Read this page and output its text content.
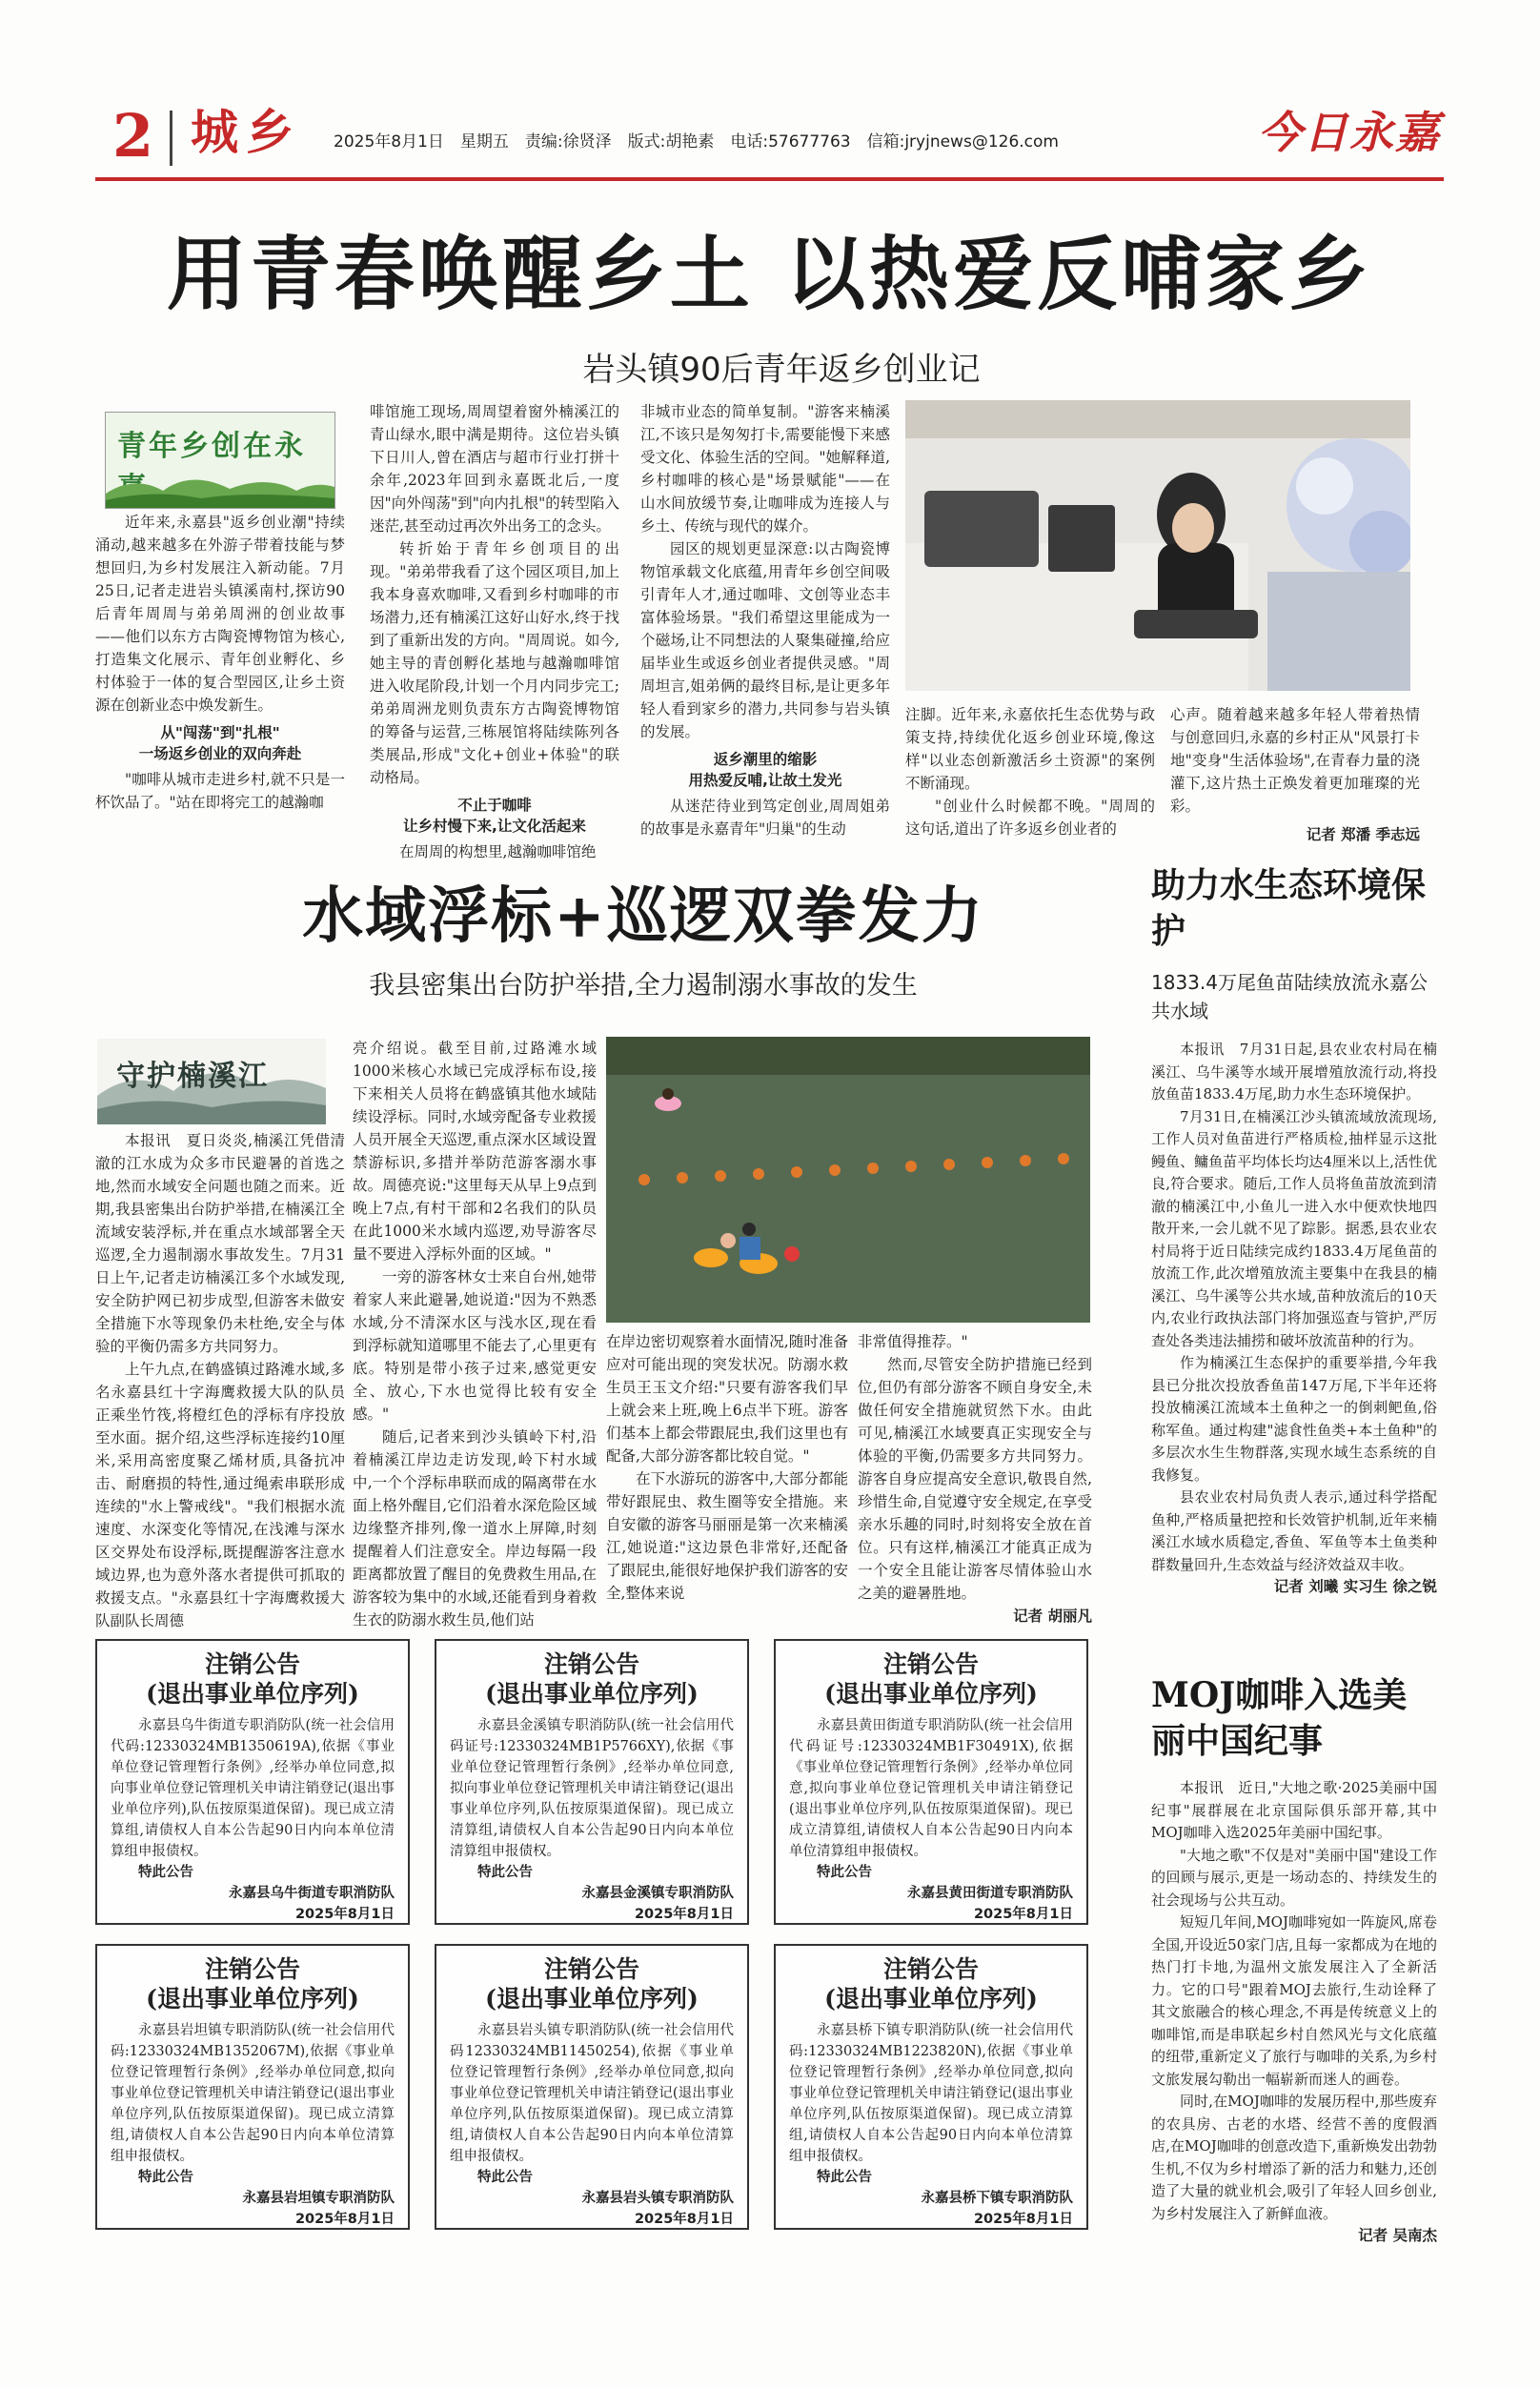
2 城乡 2025年8月1日　星期五　责编:徐贤泽　版式:胡艳素　电话:57677763　信箱:jryjnews@126.com	今日永嘉
用青春唤醒乡土 以热爱反哺家乡
岩头镇90后青年返乡创业记
青年乡创在永

近年来,永嘉县"返乡创业潮"持续涌动,越来越多在外游子带着技能与梦想回归,为乡村发展注入新动能。7月25日,记者走进岩头镇溪南村,探访90后青年周周与弟弟周洲的创业故事——他们以东方古陶瓷博物馆为核心,打造集文化展示、青年创业孵化、乡村体验于一体的复合型园区,让乡土资源在创新业态中焕发新生。

从"闯荡"到"扎根"
一场返乡创业的双向奔赴

"咖啡从城市走进乡村,就不只是一杯饮品了。"站在即将完工的越瀚咖

啡馆施工现场,周周望着窗外楠溪江的青山绿水,眼中满是期待。这位岩头镇下日川人,曾在酒店与超市行业打拼十余年,2023年回到永嘉既北后,一度因"向外闯荡"到"向内扎根"的转型陷入迷茫,甚至动过再次外出务工的念头。

转折始于青年乡创项目的出现。"弟弟带我看了这个园区项目,加上我本身喜欢咖啡,又看到乡村咖啡的市场潜力,还有楠溪江这好山好水,终于找到了重新出发的方向。"周周说。如今,她主导的青创孵化基地与越瀚咖啡馆进入收尾阶段,计划一个月内同步完工;弟弟周洲龙则负责东方古陶瓷博物馆的筹备与运营,三栋展馆将陆续陈列各类展品,形成"文化+创业+体验"的联动格局。

不止于咖啡
让乡村慢下来,让文化活起来

在周周的构想里,越瀚咖啡馆绝

非城市业态的简单复制。"游客来楠溪江,不该只是匆匆打卡,需要能慢下来感受文化、体验生活的空间。"她解释道,乡村咖啡的核心是"场景赋能"——在山水间放缓节奏,让咖啡成为连接人与乡土、传统与现代的媒介。

园区的规划更显深意:以古陶瓷博物馆承载文化底蕴,用青年乡创空间吸引青年人才,通过咖啡、文创等业态丰富体验场景。"我们希望这里能成为一个磁场,让不同想法的人聚集碰撞,给应届毕业生或返乡创业者提供灵感。"周周坦言,姐弟俩的最终目标,是让更多年轻人看到家乡的潜力,共同参与岩头镇的发展。

返乡潮里的缩影
用热爱反哺,让故土发光

从迷茫待业到笃定创业,周周姐弟的故事是永嘉青年"归巢"的生动

注脚。近年来,永嘉依托生态优势与政策支持,持续优化返乡创业环境,像这样"以业态创新激活乡土资源"的案例不断涌现。

"创业什么时候都不晚。"周周的这句话,道出了许多返乡创业者的

心声。随着越来越多年轻人带着热情与创意回归,永嘉的乡村正从"风景打卡地"变身"生活体验场",在青春力量的浇灌下,这片热土正焕发着更加璀璨的光彩。

记者 郑潘 季志远
水域浮标+巡逻双拳发力
我县密集出台防护举措,全力遏制溺水事故的发生
守护楠溪江

本报讯　夏日炎炎,楠溪江凭借清澈的江水成为众多市民避暑的首选之地,然而水域安全问题也随之而来。近期,我县密集出台防护举措,在楠溪江全流域安装浮标,并在重点水域部署全天巡逻,全力遏制溺水事故发生。7月31日上午,记者走访楠溪江多个水域发现,安全防护网已初步成型,但游客未做安全措施下水等现象仍未杜绝,安全与体验的平衡仍需多方共同努力。

上午九点,在鹤盛镇过路滩水域,多名永嘉县红十字海鹰救援大队的队员正乘坐竹筏,将橙红色的浮标有序投放至水面。据介绍,这些浮标连接约10厘米,采用高密度聚乙烯材质,具备抗冲击、耐磨损的特性,通过绳索串联形成连续的"水上警戒线"。"我们根据水流速度、水深变化等情况,在浅滩与深水区交界处布设浮标,既提醒游客注意水域边界,也为意外落水者提供可抓取的救援支点。"永嘉县红十字海鹰救援大队副队长周德

亮介绍说。截至目前,过路滩水域1000米核心水域已完成浮标布设,接下来相关人员将在鹤盛镇其他水域陆续设浮标。同时,水域旁配备专业救援人员开展全天巡逻,重点深水区域设置禁游标识,多措并举防范游客溺水事故。周德亮说:"这里每天从早上9点到晚上7点,有村干部和2名我们的队员在此1000米水域内巡逻,劝导游客尽量不要进入浮标外面的区域。"

一旁的游客林女士来自台州,她带着家人来此避暑,她说道:"因为不熟悉水域,分不清深水区与浅水区,现在看到浮标就知道哪里不能去了,心里更有底。特别是带小孩子过来,感觉更安全、放心,下水也觉得比较有安全感。"

随后,记者来到沙头镇岭下村,沿着楠溪江岸边走访发现,岭下村水域中,一个个浮标串联而成的隔离带在水面上格外醒目,它们沿着水深危险区域边缘整齐排列,像一道水上屏障,时刻提醒着人们注意安全。岸边每隔一段距离都放置了醒目的免费救生用品,在游客较为集中的水域,还能看到身着救生衣的防溺水救生员,他们站

在岸边密切观察着水面情况,随时准备应对可能出现的突发状况。防溺水救生员王玉文介绍:"只要有游客我们早上就会来上班,晚上6点半下班。游客们基本上都会带跟屁虫,我们这里也有配备,大部分游客都比较自觉。"

在下水游玩的游客中,大部分都能带好跟屁虫、救生圈等安全措施。来自安徽的游客马丽丽是第一次来楠溪江,她说道:"这边景色非常好,还配备了跟屁虫,能很好地保护我们游客的安全,整体来说

非常值得推荐。"

然而,尽管安全防护措施已经到位,但仍有部分游客不顾自身安全,未做任何安全措施就贸然下水。由此可见,楠溪江水域要真正实现安全与体验的平衡,仍需要多方共同努力。游客自身应提高安全意识,敬畏自然,珍惜生命,自觉遵守安全规定,在享受亲水乐趣的同时,时刻将安全放在首位。只有这样,楠溪江才能真正成为一个安全且能让游客尽情体验山水之美的避暑胜地。

记者 胡丽凡
助力水生态环境保护
1833.4万尾鱼苗陆续放流永嘉公共水域

本报讯　7月31日起,县农业农村局在楠溪江、乌牛溪等水域开展增殖放流行动,将投放鱼苗1833.4万尾,助力水生态环境保护。

7月31日,在楠溪江沙头镇流域放流现场,工作人员对鱼苗进行严格质检,抽样显示这批鳗鱼、鳙鱼苗平均体长均达4厘米以上,活性优良,符合要求。随后,工作人员将鱼苗放流到清澈的楠溪江中,小鱼儿一进入水中便欢快地四散开来,一会儿就不见了踪影。据悉,县农业农村局将于近日陆续完成约1833.4万尾鱼苗的放流工作,此次增殖放流主要集中在我县的楠溪江、乌牛溪等公共水域,苗种放流后的10天内,农业行政执法部门将加强巡查与管护,严厉查处各类违法捕捞和破坏放流苗种的行为。

作为楠溪江生态保护的重要举措,今年我县已分批次投放香鱼苗147万尾,下半年还将投放楠溪江流域本土鱼种之一的倒刺鲃鱼,俗称军鱼。通过构建"滤食性鱼类+本土鱼种"的多层次水生生物群落,实现水域生态系统的自我修复。

县农业农村局负责人表示,通过科学搭配鱼种,严格质量把控和长效管护机制,近年来楠溪江水域水质稳定,香鱼、军鱼等本土鱼类种群数量回升,生态效益与经济效益双丰收。

记者 刘曦 实习生 徐之锐
注销公告
(退出事业单位序列)
永嘉县乌牛街道专职消防队(统一社会信用代码:12330324MB1350619A),依据《事业单位登记管理暂行条例》,经举办单位同意,拟向事业单位登记管理机关申请注销登记(退出事业单位序列),队伍按原渠道保留)。现已成立清算组,请债权人自本公告起90日内向本单位清算组申报债权。
特此公告
永嘉县乌牛街道专职消防队
2025年8月1日
注销公告
(退出事业单位序列)
永嘉县金溪镇专职消防队(统一社会信用代码证号:12330324MB1P5766XY),依据《事业单位登记管理暂行条例》,经举办单位同意,拟向事业单位登记管理机关申请注销登记(退出事业单位序列,队伍按原渠道保留)。现已成立清算组,请债权人自本公告起90日内向本单位清算组申报债权。
特此公告
永嘉县金溪镇专职消防队
2025年8月1日
注销公告
(退出事业单位序列)
永嘉县黄田街道专职消防队(统一社会信用代码证号:12330324MB1F30491X),依据《事业单位登记管理暂行条例》,经举办单位同意,拟向事业单位登记管理机关申请注销登记(退出事业单位序列,队伍按原渠道保留)。现已成立清算组,请债权人自本公告起90日内向本单位清算组申报债权。
特此公告
永嘉县黄田街道专职消防队
2025年8月1日
注销公告
(退出事业单位序列)
永嘉县岩坦镇专职消防队(统一社会信用代码:12330324MB1352067M),依据《事业单位登记管理暂行条例》,经举办单位同意,拟向事业单位登记管理机关申请注销登记(退出事业单位序列,队伍按原渠道保留)。现已成立清算组,请债权人自本公告起90日内向本单位清算组申报债权。
特此公告
永嘉县岩坦镇专职消防队
2025年8月1日
注销公告
(退出事业单位序列)
永嘉县岩头镇专职消防队(统一社会信用代码12330324MB11450254),依据《事业单位登记管理暂行条例》,经举办单位同意,拟向事业单位登记管理机关申请注销登记(退出事业单位序列,队伍按原渠道保留)。现已成立清算组,请债权人自本公告起90日内向本单位清算组申报债权。
特此公告
永嘉县岩头镇专职消防队
2025年8月1日
注销公告
(退出事业单位序列)
永嘉县桥下镇专职消防队(统一社会信用代码:12330324MB1223820N),依据《事业单位登记管理暂行条例》,经举办单位同意,拟向事业单位登记管理机关申请注销登记(退出事业单位序列,队伍按原渠道保留)。现已成立清算组,请债权人自本公告起90日内向本单位清算组申报债权。
特此公告
永嘉县桥下镇专职消防队
2025年8月1日
MOJ咖啡入选美丽中国纪事

本报讯　近日,"大地之歌·2025美丽中国纪事"展群展在北京国际俱乐部开幕,其中MOJ咖啡入选2025年美丽中国纪事。

"大地之歌"不仅是对"美丽中国"建设工作的回顾与展示,更是一场动态的、持续发生的社会现场与公共互动。

短短几年间,MOJ咖啡宛如一阵旋风,席卷全国,开设近50家门店,且每一家都成为在地的热门打卡地,为温州文旅发展注入了全新活力。它的口号"跟着MOJ去旅行,生动诠释了其文旅融合的核心理念,不再是传统意义上的咖啡馆,而是串联起乡村自然风光与文化底蕴的纽带,重新定义了旅行与咖啡的关系,为乡村文旅发展勾勒出一幅崭新而迷人的画卷。

同时,在MOJ咖啡的发展历程中,那些废弃的农具房、古老的水塔、经营不善的度假酒店,在MOJ咖啡的创意改造下,重新焕发出勃勃生机,不仅为乡村增添了新的活力和魅力,还创造了大量的就业机会,吸引了年轻人回乡创业,为乡村发展注入了新鲜血液。

记者 吴南杰
